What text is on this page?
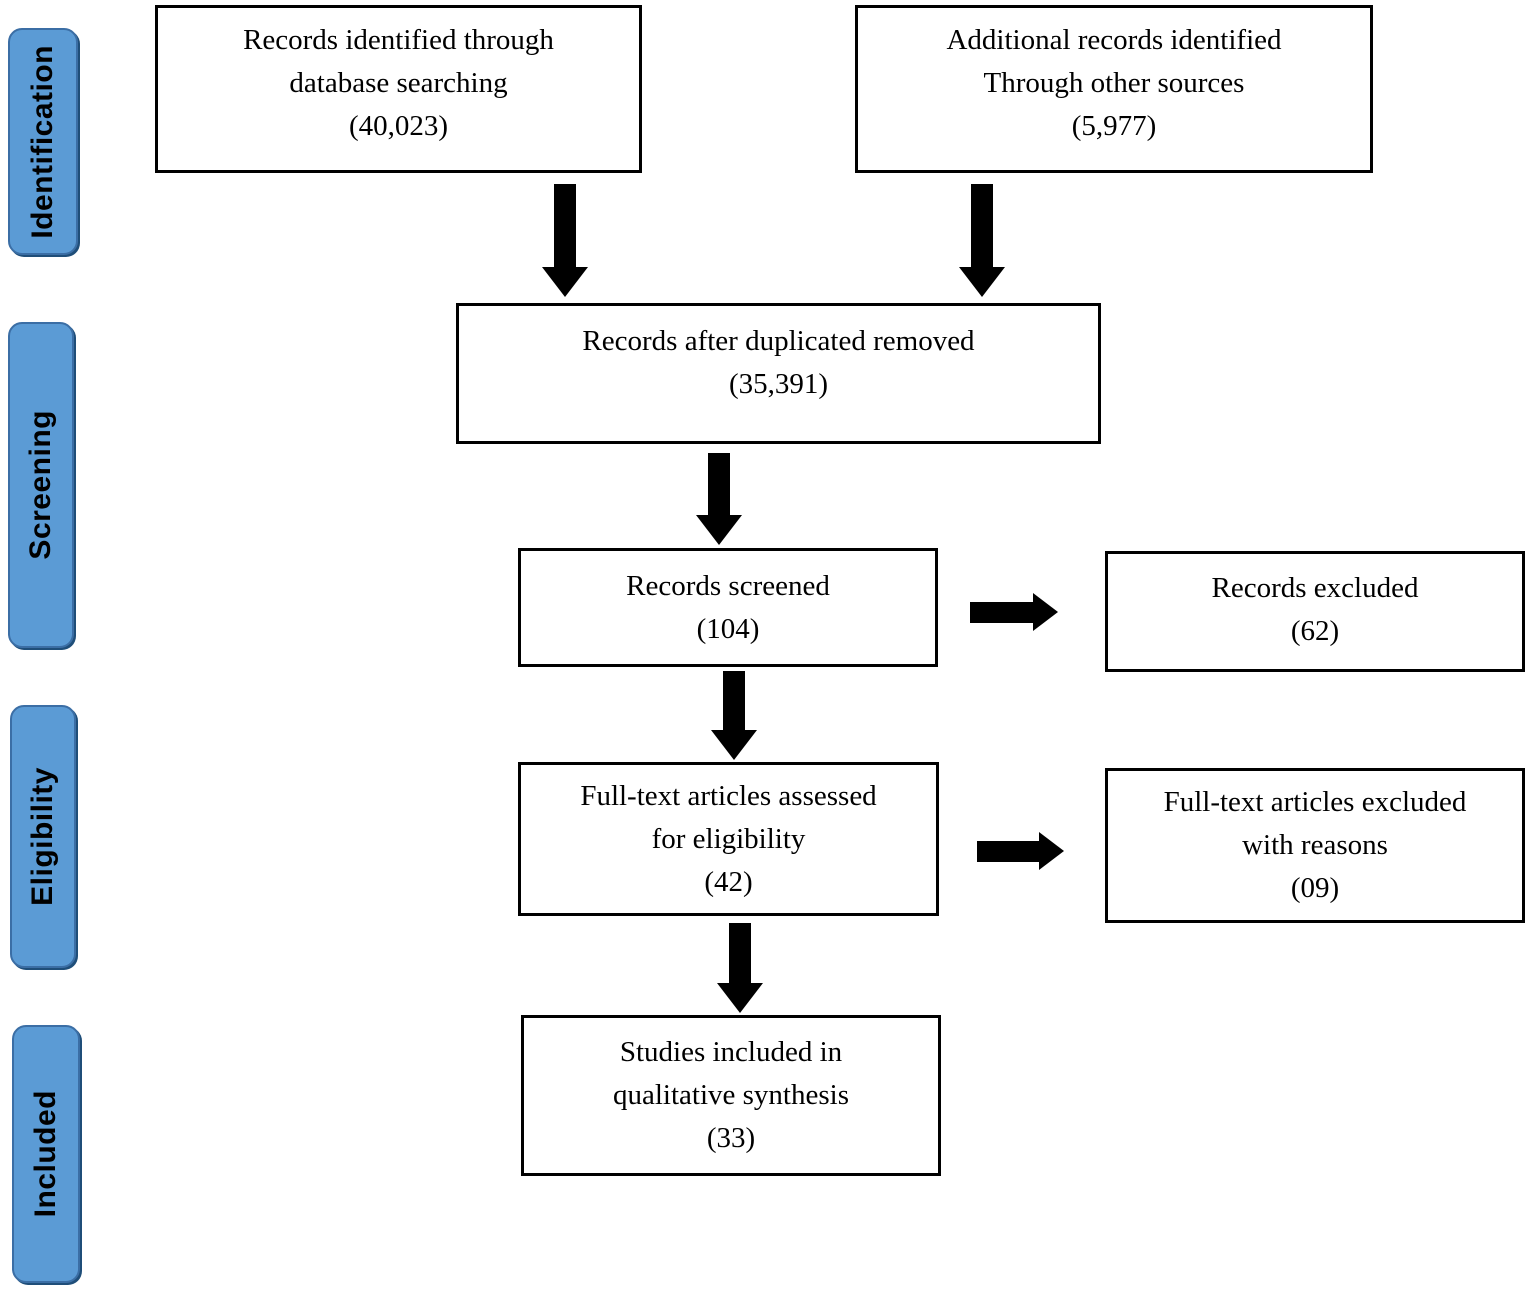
Identification
Screening
Eligibility
Included
Records identified through
database searching
(40,023)
Additional records identified
Through other sources
(5,977)
Records after duplicated removed
(35,391)
Records screened
(104)
Records excluded
(62)
Full-text articles assessed
for eligibility
(42)
Full-text articles excluded
with reasons
(09)
Studies included in
qualitative synthesis
(33)
